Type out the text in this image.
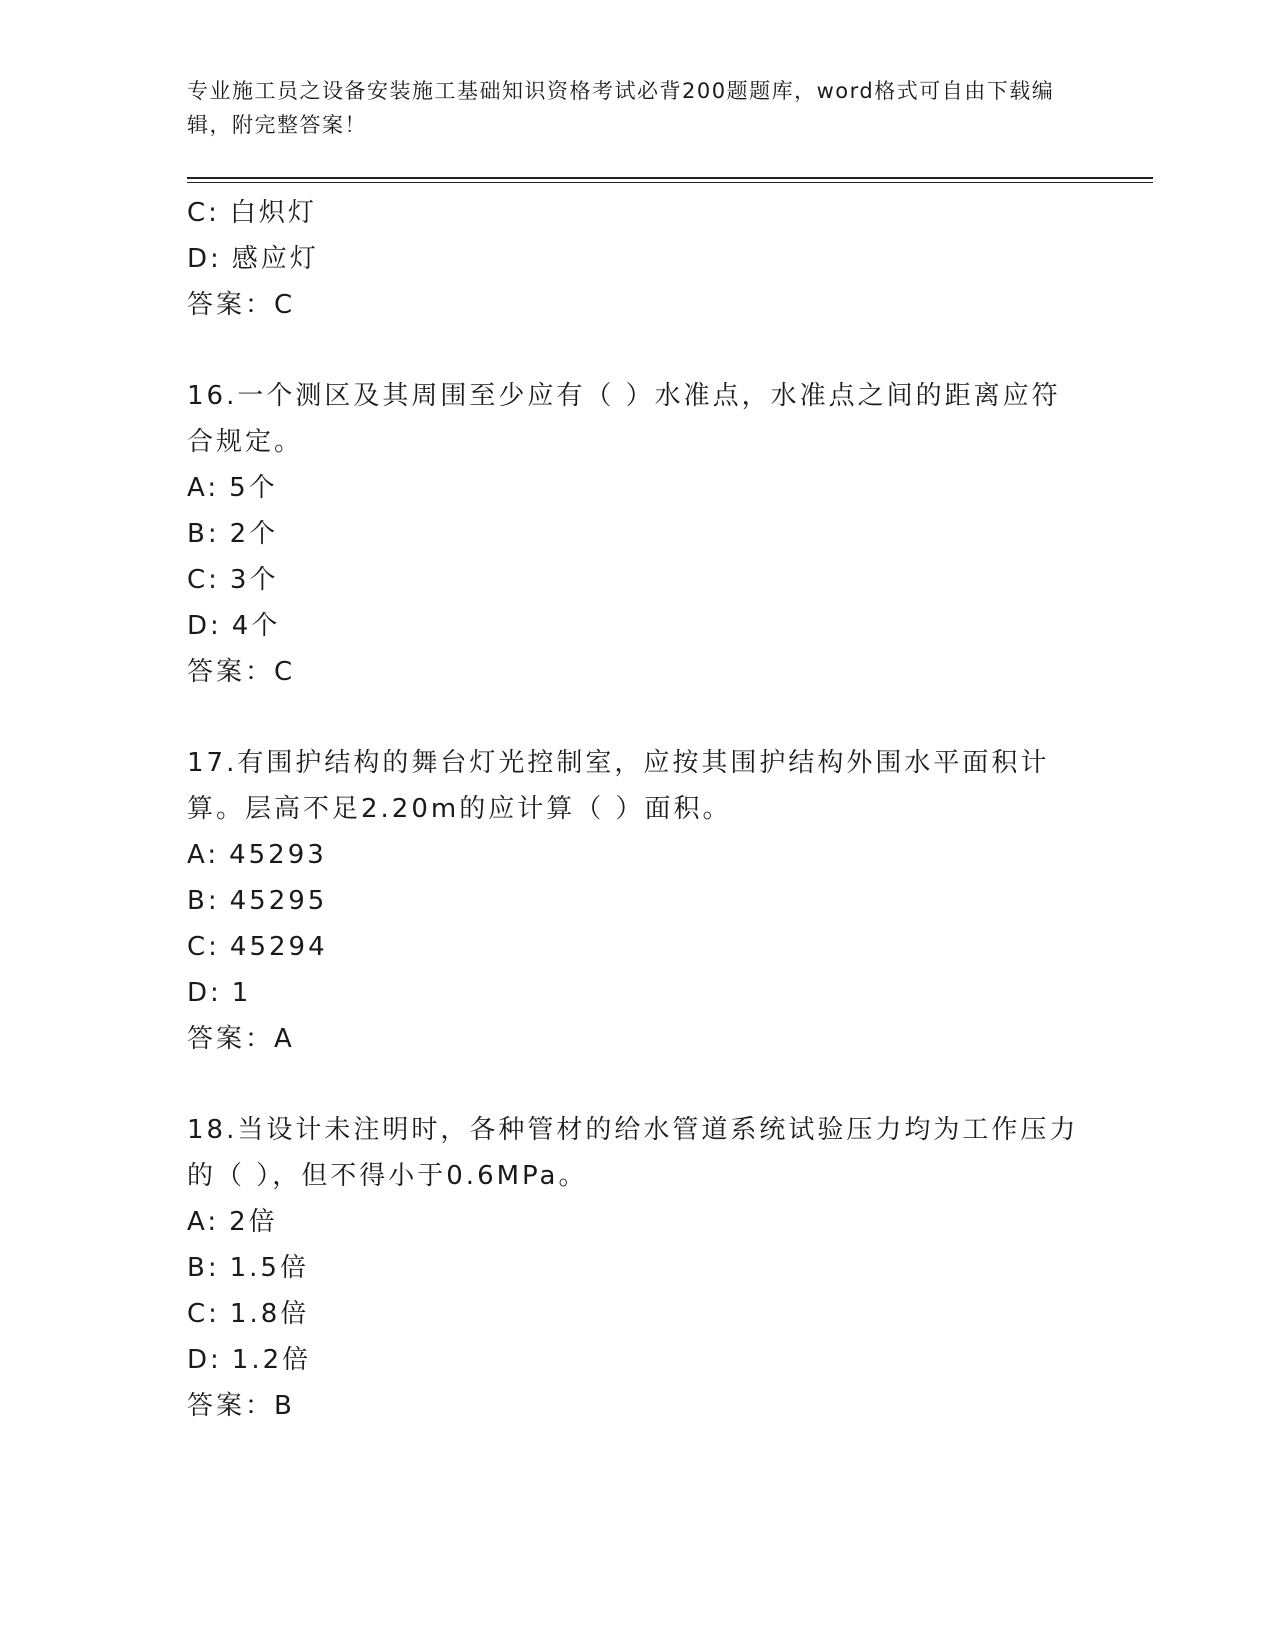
专业施工员之设备安装施工基础知识资格考试必背200题题库，word格式可自由下载编辑，附完整答案！
C: 白炽灯
D: 感应灯
答案：C
16.一个测区及其周围至少应有（ ）水准点，水准点之间的距离应符合规定。
A: 5个
B: 2个
C: 3个
D: 4个
答案：C
17.有围护结构的舞台灯光控制室，应按其围护结构外围水平面积计算。层高不足2.20m的应计算（ ）面积。
A: 45293
B: 45295
C: 45294
D: 1
答案：A
18.当设计未注明时，各种管材的给水管道系统试验压力均为工作压力的（ ），但不得小于0.6MPa。
A: 2倍
B: 1.5倍
C: 1.8倍
D: 1.2倍
答案：B
